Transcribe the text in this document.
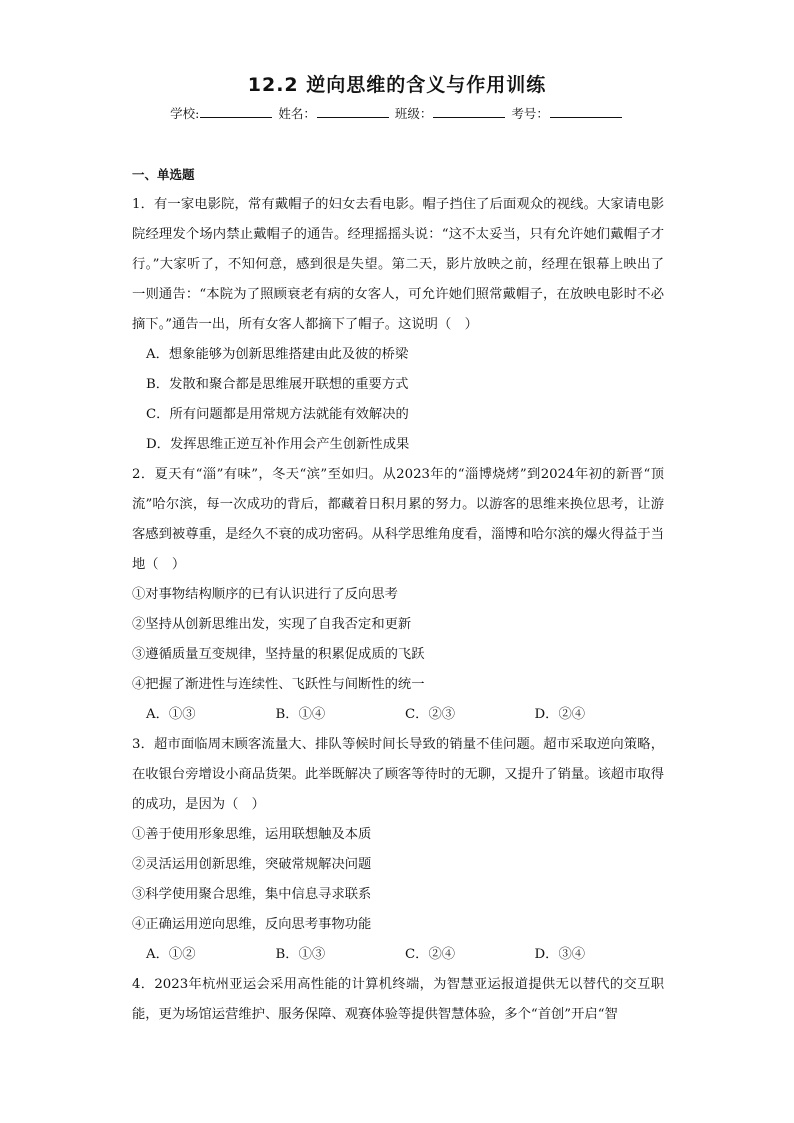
12.2 逆向思维的含义与作用训练
学校:	姓名：	班级：	考号：
一、单选题
1．有一家电影院，常有戴帽子的妇女去看电影。帽子挡住了后面观众的视线。大家请电影院经理发个场内禁止戴帽子的通告。经理摇摇头说：“这不太妥当，只有允许她们戴帽子才行。”大家听了，不知何意，感到很是失望。第二天，影片放映之前，经理在银幕上映出了一则通告：“本院为了照顾衰老有病的女客人，可允许她们照常戴帽子，在放映电影时不必摘下。”通告一出，所有女客人都摘下了帽子。这说明（　）
A．想象能够为创新思维搭建由此及彼的桥梁
B．发散和聚合都是思维展开联想的重要方式
C．所有问题都是用常规方法就能有效解决的
D．发挥思维正逆互补作用会产生创新性成果
2．夏天有“淄”有味”，冬天“滨”至如归。从2023年的“淄博烧烤”到2024年初的新晋“顶流”哈尔滨，每一次成功的背后，都藏着日积月累的努力。以游客的思维来换位思考，让游客感到被尊重，是经久不衰的成功密码。从科学思维角度看，淄博和哈尔滨的爆火得益于当地（　）
①对事物结构顺序的已有认识进行了反向思考
②坚持从创新思维出发，实现了自我否定和更新
③遵循质量互变规律，坚持量的积累促成质的飞跃
④把握了渐进性与连续性、飞跃性与间断性的统一
A．①③	B．①④	C．②③	D．②④
3．超市面临周末顾客流量大、排队等候时间长导致的销量不佳问题。超市采取逆向策略，在收银台旁增设小商品货架。此举既解决了顾客等待时的无聊，又提升了销量。该超市取得的成功，是因为（　）
①善于使用形象思维，运用联想触及本质
②灵活运用创新思维，突破常规解决问题
③科学使用聚合思维，集中信息寻求联系
④正确运用逆向思维，反向思考事物功能
A．①②	B．①③	C．②④	D．③④
4．2023年杭州亚运会采用高性能的计算机终端，为智慧亚运报道提供无以替代的交互职能，更为场馆运营维护、服务保障、观赛体验等提供智慧体验，多个“首创”开启“智
